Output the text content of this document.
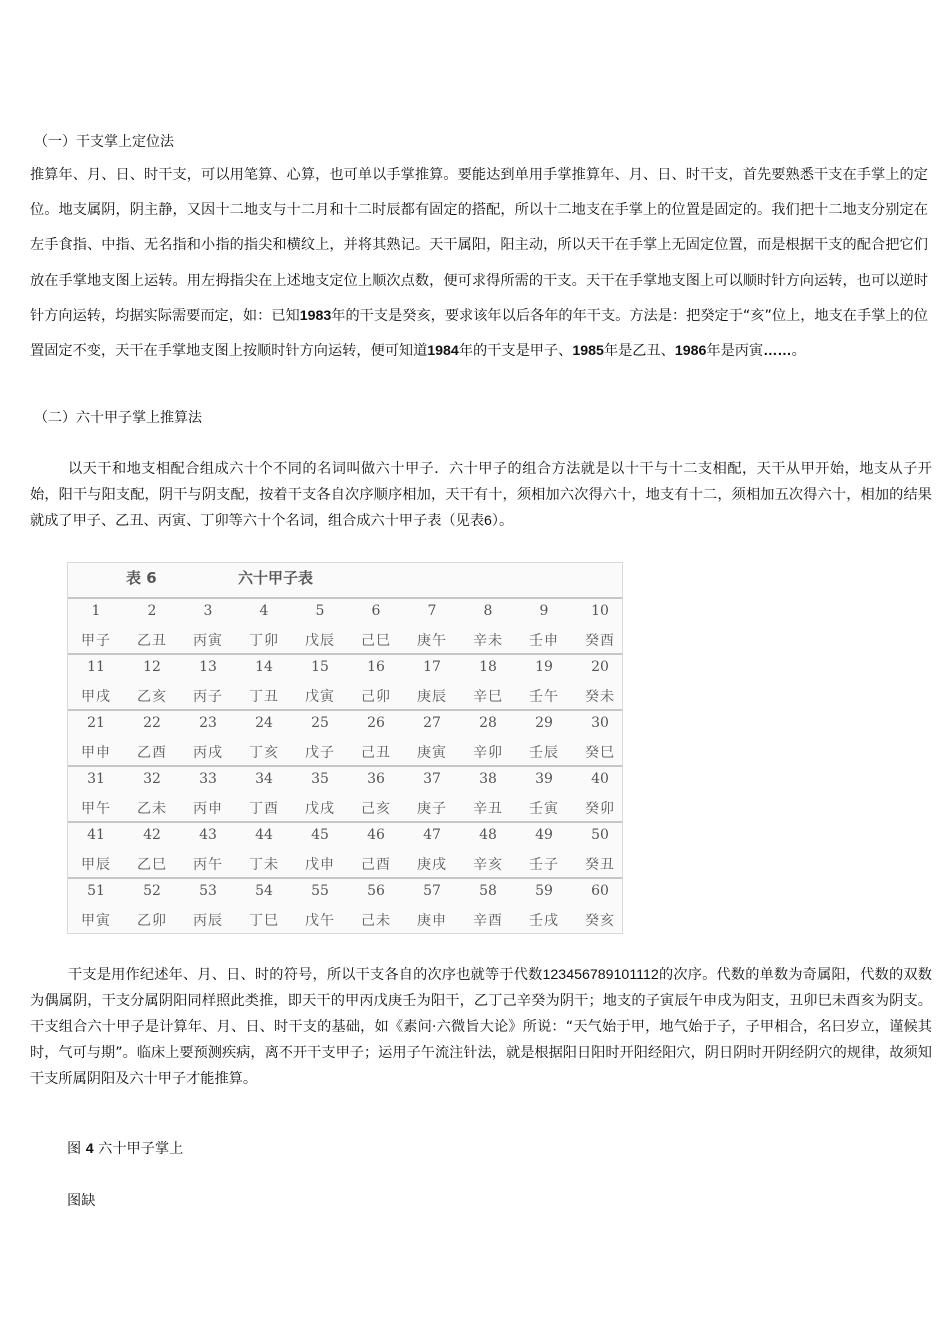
（一）干支掌上定位法
推算年、月、日、时干支，可以用笔算、心算，也可单以手掌推算。要能达到单用手掌推算年、月、日、时干支，首先要熟悉干支在手掌上的定位。地支属阴，阴主静，又因十二地支与十二月和十二时辰都有固定的搭配，所以十二地支在手掌上的位置是固定的。我们把十二地支分别定在左手食指、中指、无名指和小指的指尖和横纹上，并将其熟记。天干属阳，阳主动，所以天干在手掌上无固定位置，而是根据干支的配合把它们放在手掌地支图上运转。用左拇指尖在上述地支定位上顺次点数，便可求得所需的干支。天干在手掌地支图上可以顺时针方向运转，也可以逆时针方向运转，均据实际需要而定，如：已知1983年的干支是癸亥，要求该年以后各年的年干支。方法是：把癸定于“亥”位上，地支在手掌上的位置固定不变，天干在手掌地支图上按顺时针方向运转，便可知道1984年的干支是甲子、1985年是乙丑、1986年是丙寅……。
（二）六十甲子掌上推算法
以天干和地支相配合组成六十个不同的名词叫做六十甲子．六十甲子的组合方法就是以十干与十二支相配，天干从甲开始，地支从子开始，阳干与阳支配，阴干与阴支配，按着干支各自次序顺序相加，天干有十，须相加六次得六十，地支有十二，须相加五次得六十，相加的结果就成了甲子、乙丑、丙寅、丁卯等六十个名词，组合成六十甲子表（见表6）。
表 6	六十甲子表
1
甲子
2
乙丑
3
丙寅
4
丁卯
5
戊辰
6
己巳
7
庚午
8
辛未
9
壬申
10
癸酉
11
甲戌
12
乙亥
13
丙子
14
丁丑
15
戊寅
16
己卯
17
庚辰
18
辛巳
19
壬午
20
癸未
21
甲申
22
乙酉
23
丙戌
24
丁亥
25
戊子
26
己丑
27
庚寅
28
辛卯
29
壬辰
30
癸巳
31
甲午
32
乙未
33
丙申
34
丁酉
35
戊戌
36
己亥
37
庚子
38
辛丑
39
壬寅
40
癸卯
41
甲辰
42
乙巳
43
丙午
44
丁未
45
戊申
46
己酉
47
庚戌
48
辛亥
49
壬子
50
癸丑
51
甲寅
52
乙卯
53
丙辰
54
丁巳
55
戊午
56
己未
57
庚申
58
辛酉
59
壬戌
60
癸亥
干支是用作纪述年、月、日、时的符号，所以干支各自的次序也就等于代数123456789101112的次序。代数的单数为奇属阳，代数的双数为偶属阴，干支分属阴阳同样照此类推，即天干的甲丙戊庚壬为阳干，乙丁己辛癸为阴干；地支的子寅辰午申戌为阳支，丑卯巳未酉亥为阴支。干支组合六十甲子是计算年、月、日、时干支的基础，如《素问·六微旨大论》所说：“天气始于甲，地气始于子，子甲相合，名曰岁立，谨候其时，气可与期”。临床上要预测疾病，离不开干支甲子；运用子午流注针法，就是根据阳日阳时开阳经阳穴，阴日阴时开阴经阴穴的规律，故须知干支所属阴阳及六十甲子才能推算。
图 4 六十甲子掌上
图缺
